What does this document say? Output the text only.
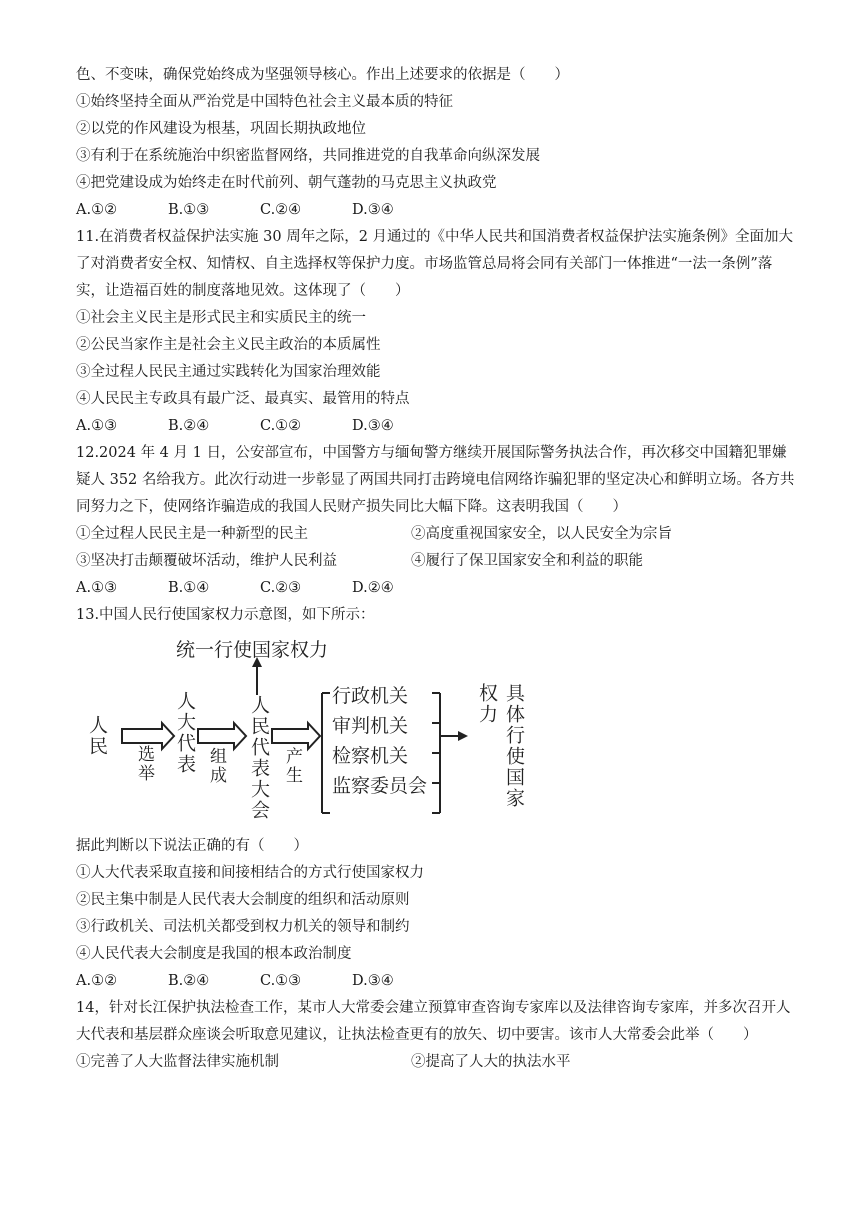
色、不变味，确保党始终成为坚强领导核心。作出上述要求的依据是（　　）
①始终坚持全面从严治党是中国特色社会主义最本质的特征
②以党的作风建设为根基，巩固长期执政地位
③有利于在系统施治中织密监督网络，共同推进党的自我革命向纵深发展
④把党建设成为始终走在时代前列、朝气蓬勃的马克思主义执政党
A.①②	B.①③	C.②④	D.③④
11.在消费者权益保护法实施 30 周年之际，2 月通过的《中华人民共和国消费者权益保护法实施条例》全面加大了对消费者安全权、知情权、自主选择权等保护力度。市场监管总局将会同有关部门一体推进“一法一条例”落实，让造福百姓的制度落地见效。这体现了（　　）
①社会主义民主是形式民主和实质民主的统一
②公民当家作主是社会主义民主政治的本质属性
③全过程人民民主通过实践转化为国家治理效能
④人民民主专政具有最广泛、最真实、最管用的特点
A.①③	B.②④	C.①②	D.③④
12.2024 年 4 月 1 日，公安部宣布，中国警方与缅甸警方继续开展国际警务执法合作，再次移交中国籍犯罪嫌疑人 352 名给我方。此次行动进一步彰显了两国共同打击跨境电信网络诈骗犯罪的坚定决心和鲜明立场。各方共同努力之下，使网络诈骗造成的我国人民财产损失同比大幅下降。这表明我国（　　）
①全过程人民民主是一种新型的民主	②高度重视国家安全，以人民安全为宗旨
③坚决打击颠覆破坏活动，维护人民利益	④履行了保卫国家安全和利益的职能
A.①③	B.①④	C.②③	D.②④
13.中国人民行使国家权力示意图，如下所示：
统一行使国家权力
人民
选举 人大代表 组成 人民代表大会 产生
行政机关
审判机关
检察机关
监察委员会	具体行使国家权力
据此判断以下说法正确的有（　　）
①人大代表采取直接和间接相结合的方式行使国家权力
②民主集中制是人民代表大会制度的组织和活动原则
③行政机关、司法机关都受到权力机关的领导和制约
④人民代表大会制度是我国的根本政治制度
A.①②	B.②④	C.①③	D.③④
14，针对长江保护执法检查工作，某市人大常委会建立预算审查咨询专家库以及法律咨询专家库，并多次召开人大代表和基层群众座谈会听取意见建议，让执法检查更有的放矢、切中要害。该市人大常委会此举（　　）
①完善了人大监督法律实施机制	②提高了人大的执法水平
